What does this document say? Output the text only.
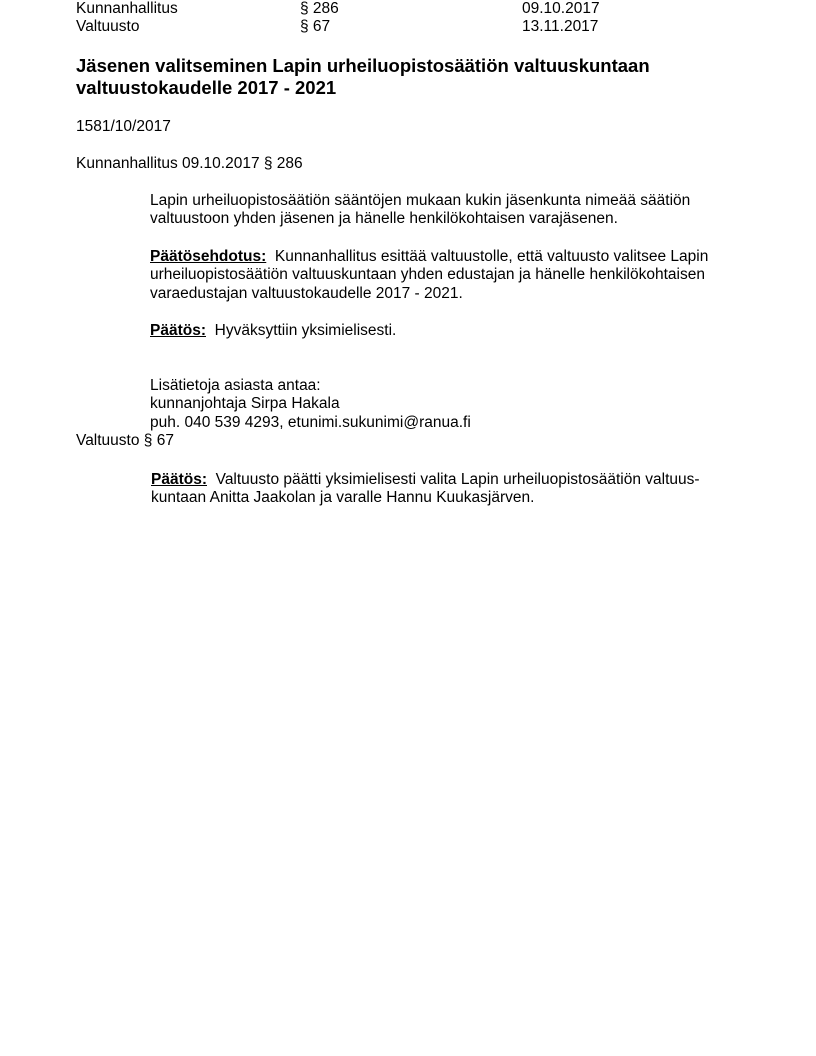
Kunnanhallitus	§ 286	09.10.2017
Valtuusto	§ 67	13.11.2017
Jäsenen valitseminen Lapin urheiluopistosäätiön valtuuskuntaan
valtuustokaudelle 2017 - 2021
1581/10/2017
Kunnanhallitus 09.10.2017 § 286
Lapin urheiluopistosäätiön sääntöjen mukaan kukin jäsenkunta nimeää säätiön
valtuustoon yhden jäsenen ja hänelle henkilökohtaisen varajäsenen.
Päätösehdotus: Kunnanhallitus esittää valtuustolle, että valtuusto valitsee Lapin
urheiluopistosäätiön valtuuskuntaan yhden edustajan ja hänelle henkilökohtaisen
varaedustajan valtuustokaudelle 2017 - 2021.
Päätös: Hyväksyttiin yksimielisesti.
Lisätietoja asiasta antaa:
kunnanjohtaja Sirpa Hakala
puh. 040 539 4293, etunimi.sukunimi@ranua.fi
Valtuusto § 67
Päätös: Valtuusto päätti yksimielisesti valita Lapin urheiluopistosäätiön valtuus-
kuntaan Anitta Jaakolan ja varalle Hannu Kuukasjärven.
